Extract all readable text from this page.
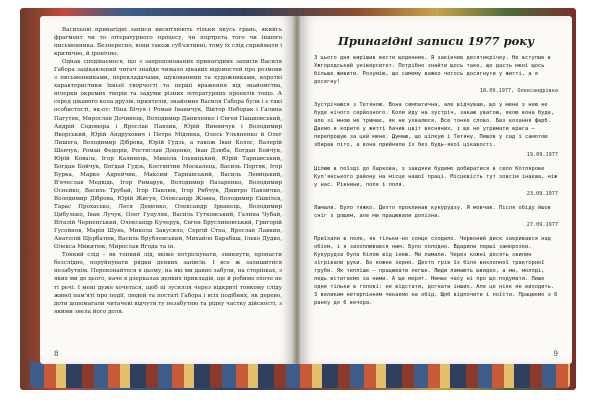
Васильові принагідні записи висвітлюють тільки якусь грань, якийсь фрагмент чи то літературного процесу, чи портрета того чи іншого письменника. Безпересно, вони також суб'єктивні, тому їх слід сприймати і критично, й іронічно.

Однак сподіваємося, що з запропонованих принагідних записів Василя Габора зацікавлений читач знайде чимало цікавих відомостей про розмови з письменниками, перекладачами, шукованими та художниками, короткі характеристики їхньої творчості та перші враження від знайомства, нічерки окремих творів та задуми різних літературних проектів тощо. А серед цікавого кола друзів, приятелів, знайомих Василя Габора були і є такі особистості, як-от: Ніна Бічуя і Роман Іваничук, Віктор Неборак і Галина Пагутяк, Мирослав Дочинець, Володимир Даниленко і Євген Пашковський, Андрій Содомора і Ярослав Павлик, Юрій Винничук і Володимир Яворський, Юрій Андрухович і Петро Мідянка, Олесь Ульяненко й Олег Лишега, Володимир Діброва, Юрій Гудзь, а також Іван Колос, Валерій Шевчук, Роман Федорів, Ростислав Доценко, Іван Дзюба, Богдан Бойчук, Юрій Коваль, Ігор Калинець, Микола Ільницький, Юрій Тарнавський, Богдан Бойчук, Богдан Гудзь, Костянтин Москалець, Василь Портяк, Ігор Бурка, Марко Адрейчик, Максим Тарнавський, Василь Левицький, В'ячеслав Медвідь, Ігор Римарук, Володимир Назаренко, Володимир Оснєйко, Василь Трубай, Ігор Павлюк, Ігор Рибчук, Дмитро Павличко, Володимир Діброва, Юрій Жигун, Олександр Жовна, Володимир Єшкілєв, Тарас Прохасько, Леся Деменко, Олександр Ірванець, Володимир Цибулько, Іван Лучук, Олег Гуцуляк, Василь Гутковський, Галина Чубай, Віталій Черненський, Олександр Кучерук, Євген Бруслиновський, Григорій Гусейнов, Марія Шунь, Микола Закусило, Сергій Стпа, Ярослав Лавкин, Анатолій Щербатюк, Василь Врублевський, Михайло Барабаш, Ілько Дудко, Олекса Микитюк, Мирослав Ягода та ін.

Тонкий слід – як тонкий лід, може потріскувати, зникнути, пропасти безслідно, поруйнувати рядки деяких записів. І все ж залишитися незабутнім. Переконайтеся в цьому, на які ми давно забули, на сторінках, з яких ми до цього, наче в дзеркалах деяких прикладів, ще й робимо охоче не ті речі. І мені дуже хочеться, щоб ці зусилля через відкриті тонкому сліду живої пам'яті про події, людей та постаті Габора і всіх подібних, як дерево, доти допомагали читачеві відчути ту незабутню та рідну частку дійсності, з якими звела його доля.

8
Принагідні записи 1977 року
З цього дня вирішив вести щоденник. Я закінчив десятикрічку. Не вступив в Ужгородський університет. Потрібно знайти щось таке, що дасть мені щось більше живити. Розумію, що самому важко чогось досягнути у житті, а я досягну!
18.09.1977, Олександрівка
Зустрічаюся з Тетяною. Вона симпатична, але відчуваю, що у мене з нею не буде нічого серйозного. Коли йду на зустріч, закаю увагою, якою вона буде, але зі мною не тримає, як не ухвалюся. Все тонке слово. Без кохання фарб. Даємо я корите у житті бачив цвіт весняних, і ще не утримати врага — перепрошую за цей мене. Думаю, що цілкую і Тетяну. Пишов у сад і самотою збирав літо, а вона прийняли їх без будь-якої цікавості.
19.09.1977
Цілюю в поїзді до Харкова, з завдяки будемо добиратися в село Котлярове Куп'янського району на місце нашої праці. Місцевість тут зовсім інакша, ніж у нас. Рівнини, поля і поля.
23.09.1977
Ламали. Було тяжко. Дехто проклинав кукурудзу. Я мовчав. Після обіду йшов сніг з дощем, але ми працювали допізна.
27.09.1977
Приїхали в поле, як тільки-но сонце сходило. Червоний диск закривався над обієм, і я захоплювався ним. Було холодно. Вдарили перші заморозки. Кукурудза була білою від інею. Ми ламали. Через кожні десять хвилин зігрівали руки. Бо кожне зерно. Дехто грів їх біля вихлопної тракторної труби. Як тепліше — працювати легше. Люди ламають швидко, а ми, молоді, ледь встигаємо за ними. А ще морят. Немає часу ні про що подумати. Лише одне тільки в голові: не відстати, догнати інших. Але це ніяк не виходить. З великим нетерпінням чекаємо на обід. Щоб відпочити і поїсти. Працюємо з 6 ранку до 6 вечора.
9
